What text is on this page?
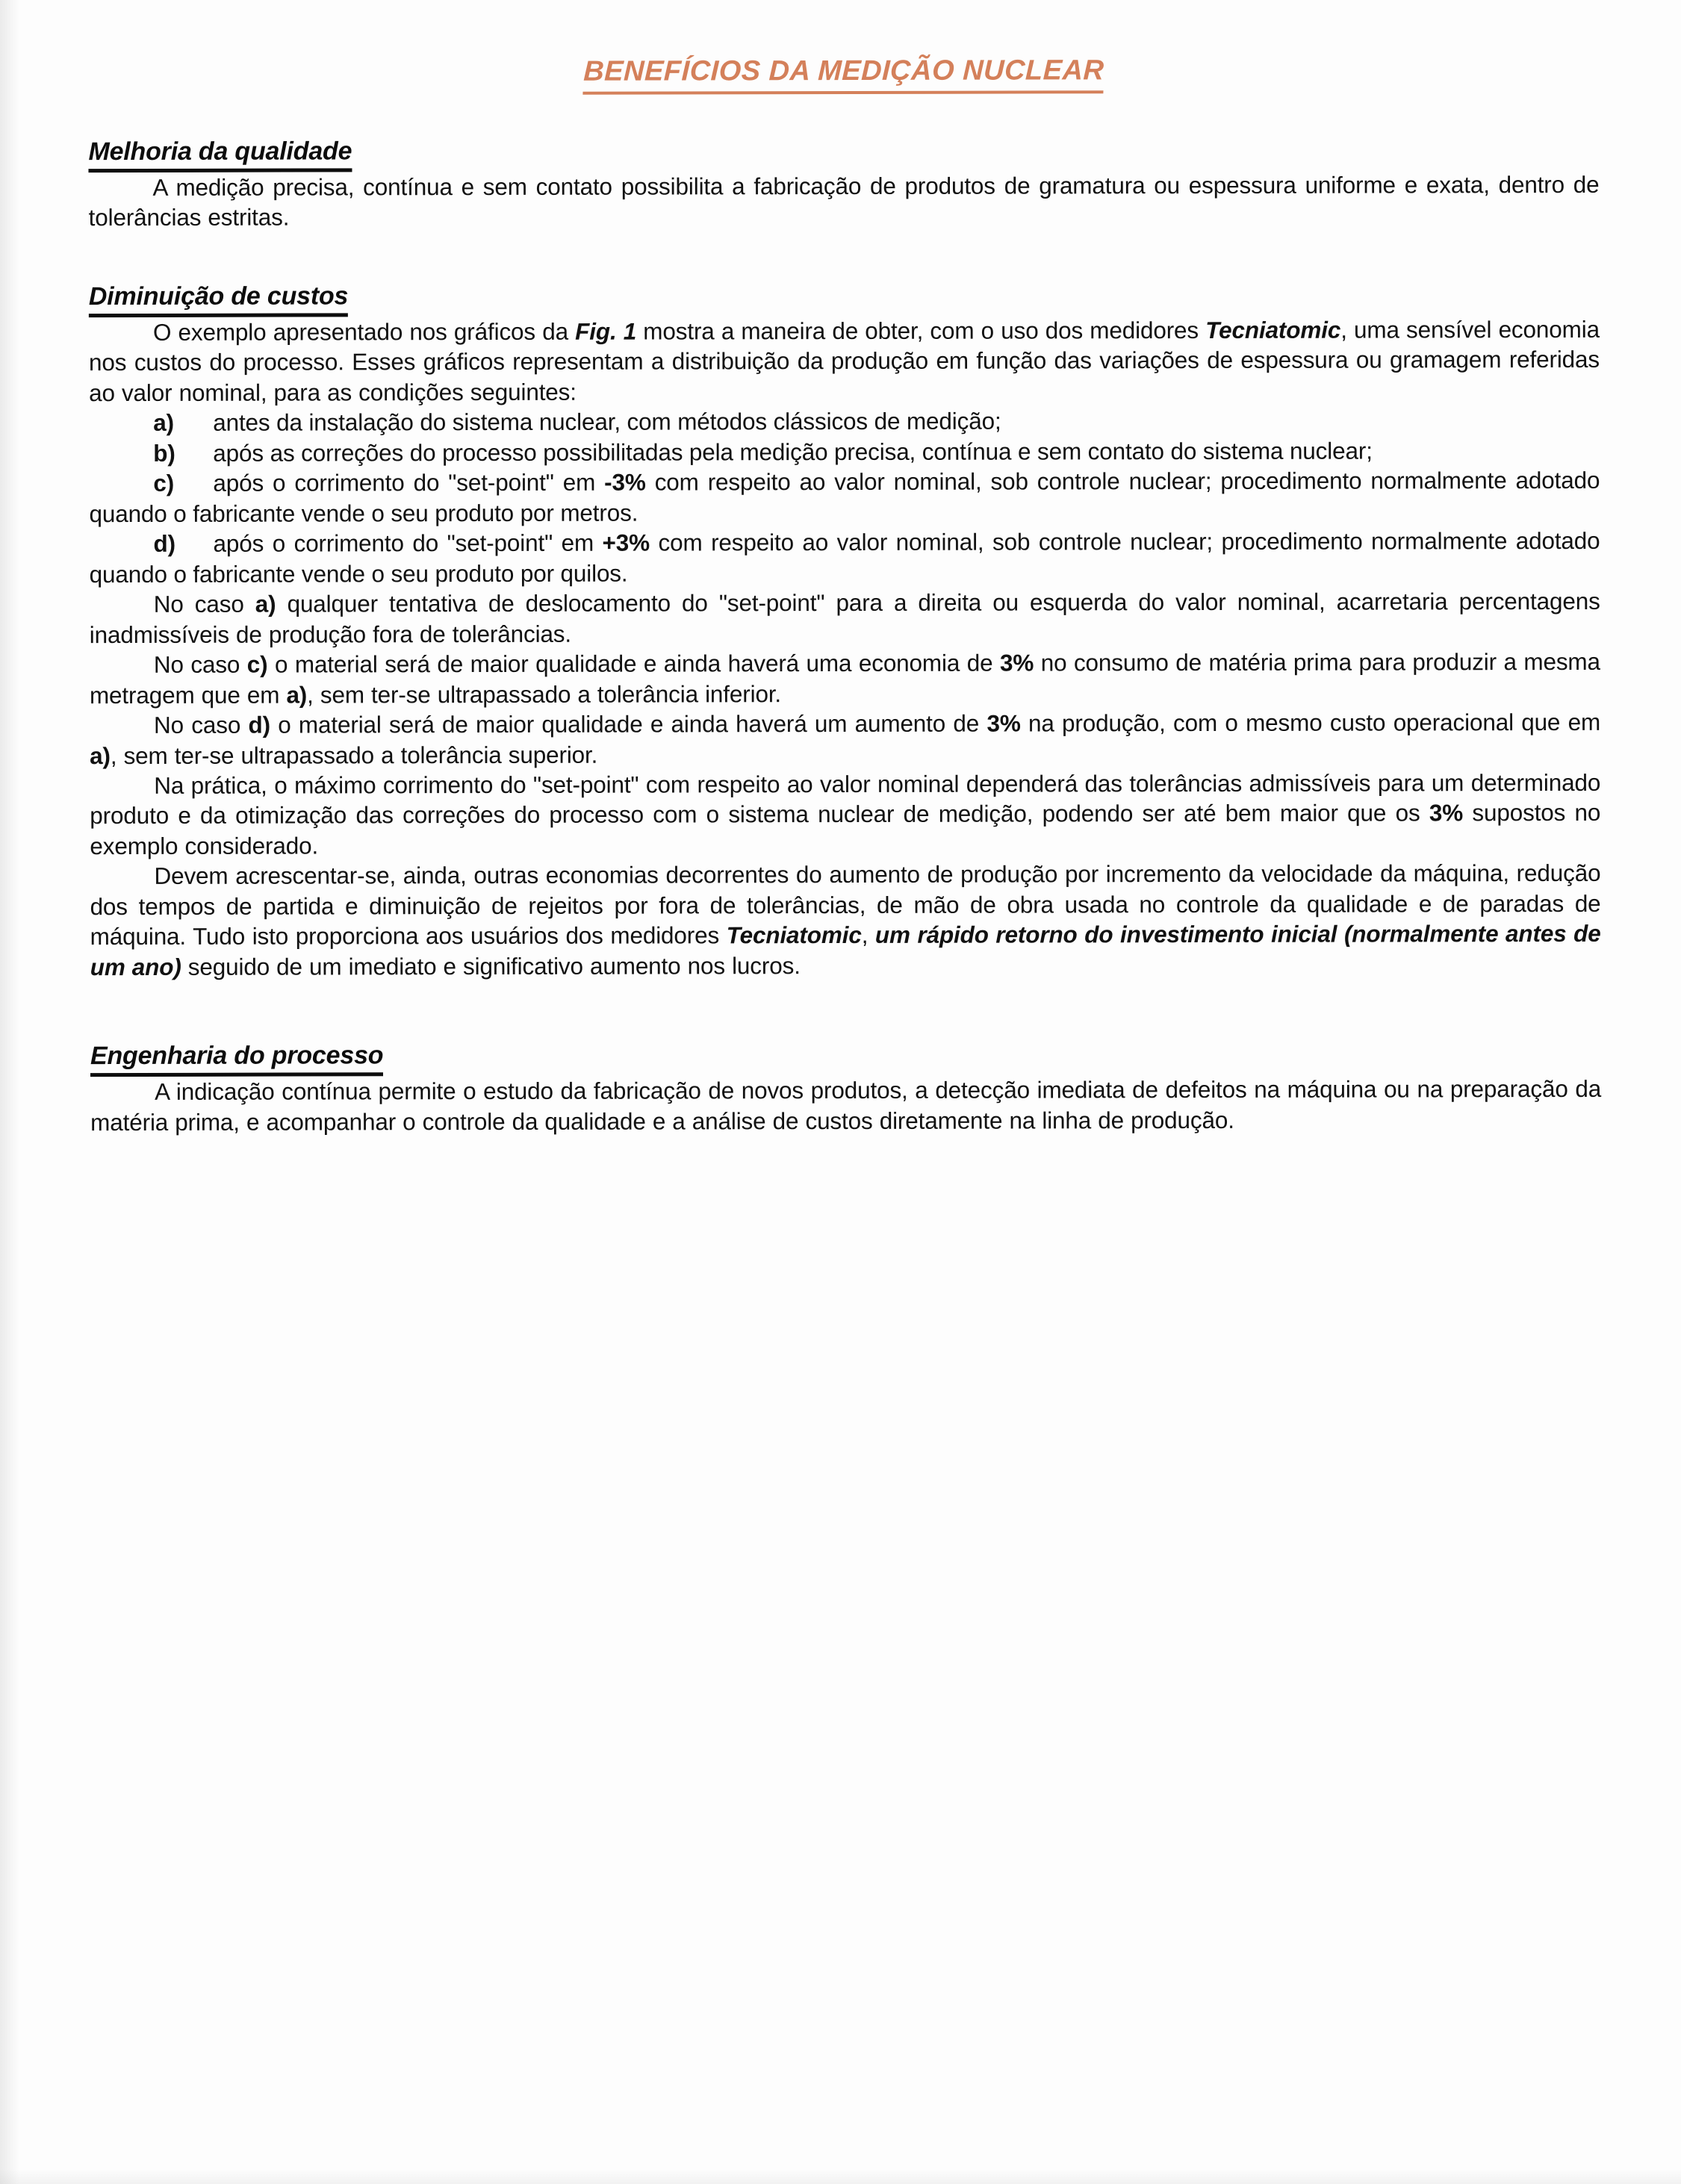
BENEFÍCIOS DA MEDIÇÃO NUCLEAR
Melhoria da qualidade

A medição precisa, contínua e sem contato possibilita a fabricação de produtos de gramatura ou espessura uniforme e exata, dentro de tolerâncias estritas.

Diminuição de custos

O exemplo apresentado nos gráficos da Fig. 1 mostra a maneira de obter, com o uso dos medidores Tecniatomic, uma sensível economia nos custos do processo. Esses gráficos representam a distribuição da produção em função das variações de espessura ou gramagem referidas ao valor nominal, para as condições seguintes:

a) antes da instalação do sistema nuclear, com métodos clássicos de medição;

b) após as correções do processo possibilitadas pela medição precisa, contínua e sem contato do sistema nuclear;

c) após o corrimento do "set-point" em -3% com respeito ao valor nominal, sob controle nuclear; procedimento normalmente adotado quando o fabricante vende o seu produto por metros.

d) após o corrimento do "set-point" em +3% com respeito ao valor nominal, sob controle nuclear; procedimento normalmente adotado quando o fabricante vende o seu produto por quilos.

No caso a) qualquer tentativa de deslocamento do "set-point" para a direita ou esquerda do valor nominal, acarretaria percentagens inadmissíveis de produção fora de tolerâncias.

No caso c) o material será de maior qualidade e ainda haverá uma economia de 3% no consumo de matéria prima para produzir a mesma metragem que em a), sem ter-se ultrapassado a tolerância inferior.

No caso d) o material será de maior qualidade e ainda haverá um aumento de 3% na produção, com o mesmo custo operacional que em a), sem ter-se ultrapassado a tolerância superior.

Na prática, o máximo corrimento do "set-point" com respeito ao valor nominal dependerá das tolerâncias admissíveis para um determinado produto e da otimização das correções do processo com o sistema nuclear de medição, podendo ser até bem maior que os 3% supostos no exemplo considerado.

Devem acrescentar-se, ainda, outras economias decorrentes do aumento de produção por incremento da velocidade da máquina, redução dos tempos de partida e diminuição de rejeitos por fora de tolerâncias, de mão de obra usada no controle da qualidade e de paradas de máquina. Tudo isto proporciona aos usuários dos medidores Tecniatomic, um rápido retorno do investimento inicial (normalmente antes de um ano) seguido de um imediato e significativo aumento nos lucros.

Engenharia do processo

A indicação contínua permite o estudo da fabricação de novos produtos, a detecção imediata de defeitos na máquina ou na preparação da matéria prima, e acompanhar o controle da qualidade e a análise de custos diretamente na linha de produção.
